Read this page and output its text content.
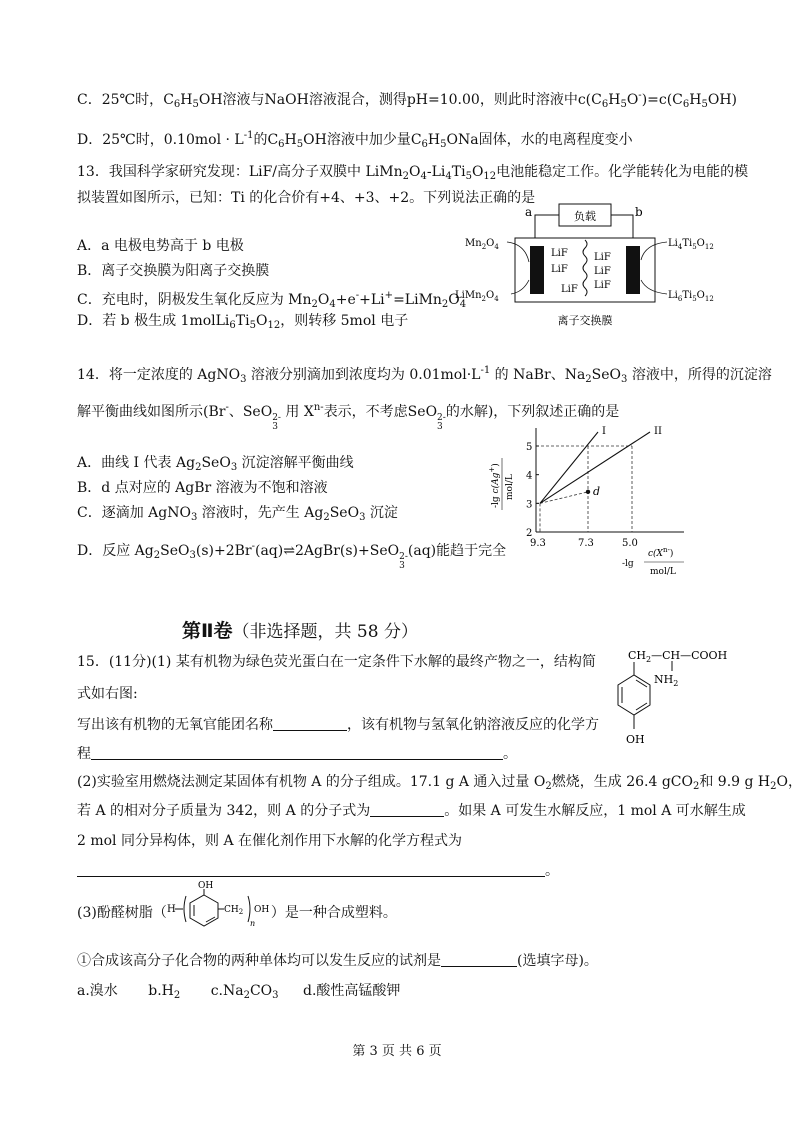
C．25℃时，$C_6H_5OH$溶液与NaOH溶液混合，测得pH=10.00，则此时溶液中$c(C_6H_5O^-)=c(C_6H_5OH)$
D．25℃时，$0.10mol \cdot L^{-1}$的$C_6H_5OH$溶液中加少量$C_6H_5ONa$固体，水的电离程度变小
13．我国科学家研究发现：LiF/高分子双膜中 $LiMn_2O_4-Li_4Ti_5O_{12}$电池能稳定工作。化学能转化为电能的模
拟装置如图所示，已知：Ti 的化合价有+4、+3、+2。下列说法正确的是
A．a 电极电势高于 b 电极
B．离子交换膜为阳离子交换膜
C．充电时，阴极发生氧化反应为 $Mn_2O_4+e^-+Li^+=LiMn_2O_4$
D．若 b 极生成 $1molLi_6Ti_5O_{12}$，则转移 5mol 电子
a	b
负载
LiF
LiF
LiF
LiF
LiF
LiF
$Mn_2O_4$
$LiMn_2O_4$
$Li_4Ti_5O_{12}$
$Li_6Ti_5O_{12}$
离子交换膜
14．将一定浓度的 AgNO$_3$ 溶液分别滴加到浓度均为 $0.01mol\cdot L^{-1}$ 的 NaBr、$Na_2SeO_3$ 溶液中，所得的沉淀溶
解平衡曲线如图所示(Br-、SeO 2-
3
用 $X^{n-}$表示，不考虑SeO 2-
3
的水解)，下列叙述正确的是
A．曲线 I 代表 $Ag_2SeO_3$ 沉淀溶解平衡曲线
B．d 点对应的 AgBr 溶液为不饱和溶液
C．逐滴加 AgNO$_3$ 溶液时，先产生 $Ag_2SeO_3$ 沉淀
D．反应 $Ag_2SeO_3(s)+2Br^-(aq)\rightleftharpoons 2AgBr(s)+SeO$ 2-
3
(aq)能趋于完全
I	II
d
2
3
4
5
9.3	7.3	5.0
-lg c(Ag+)
mol/L
-lg
$c(X^{n-})$
mol/L
第Ⅱ卷（非选择题，共 58 分）
15．(11分)(1) 某有机物为绿色荧光蛋白在一定条件下水解的最终产物之一，结构简
式如右图:
写出该有机物的无氧官能团名称	，该有机物与氢氧化钠溶液反应的化学方
程	。
$CH_2—CH—COOH$
$NH_2$
OH
(2)实验室用燃烧法测定某固体有机物 A 的分子组成。17.1 g A 通入过量 $O_2$燃烧，生成 26.4 gCO$_2$和 9.9 g $H_2O$，
若 A 的相对分子质量为 342，则 A 的分子式为	。如果 A 可发生水解反应，1 mol A 可水解生成
2 mol 同分异构体，则 A 在催化剂作用下水解的化学方程式为
。
(3)酚醛树脂（	）是一种合成塑料。
H
OH
$CH_2$
n
OH
①合成该高分子化合物的两种单体均可以发生反应的试剂是	(选填字母)。
a.溴水 $b.H_2$ $c.Na_2CO_3$ d.酸性高锰酸钾
第 3 页 共 6 页
